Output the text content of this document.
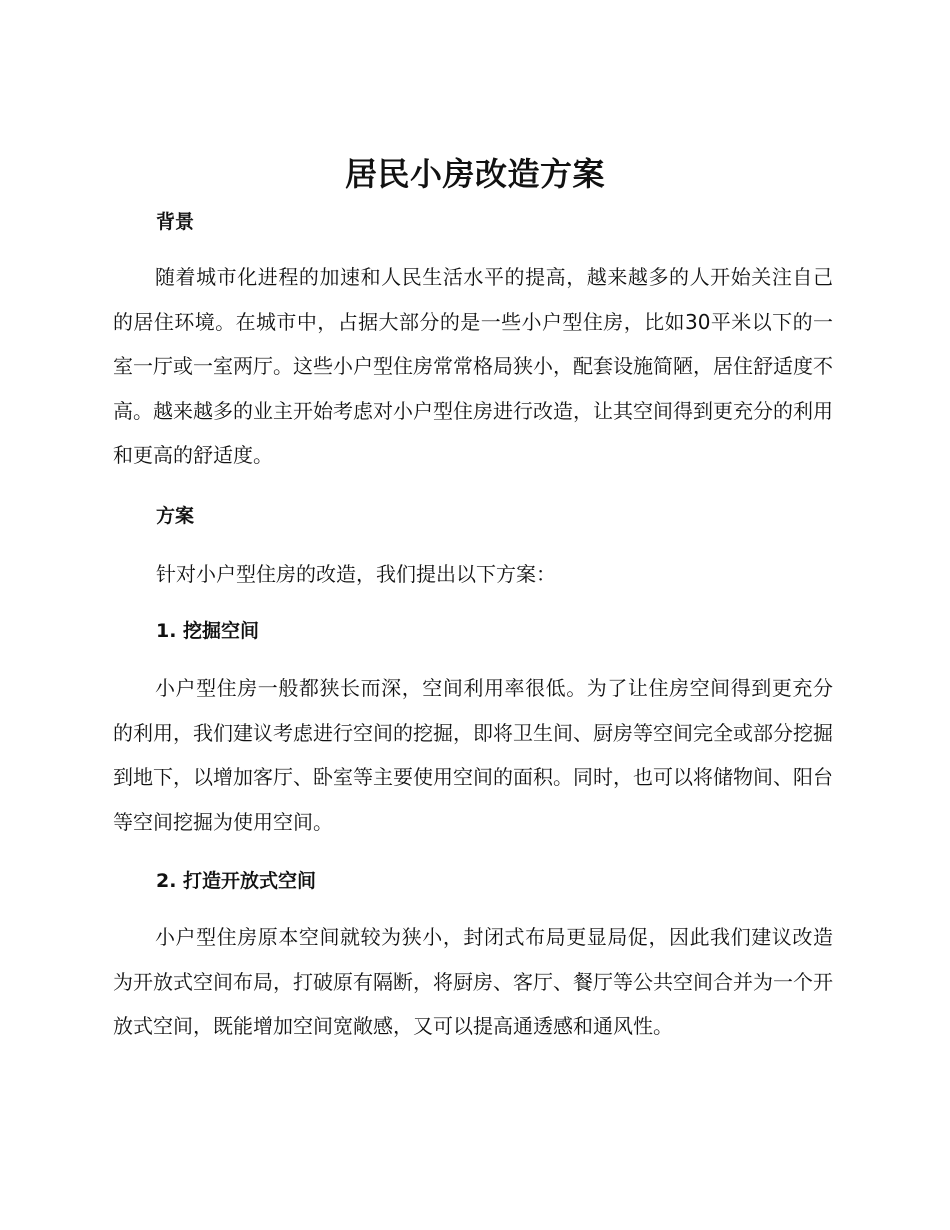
居民小房改造方案
背景

随着城市化进程的加速和人民生活水平的提高，越来越多的人开始关注自己的居住环境。在城市中，占据大部分的是一些小户型住房，比如30平米以下的一室一厅或一室两厅。这些小户型住房常常格局狭小，配套设施简陋，居住舒适度不高。越来越多的业主开始考虑对小户型住房进行改造，让其空间得到更充分的利用和更高的舒适度。

方案

针对小户型住房的改造，我们提出以下方案：

1. 挖掘空间

小户型住房一般都狭长而深，空间利用率很低。为了让住房空间得到更充分的利用，我们建议考虑进行空间的挖掘，即将卫生间、厨房等空间完全或部分挖掘到地下，以增加客厅、卧室等主要使用空间的面积。同时，也可以将储物间、阳台等空间挖掘为使用空间。

2. 打造开放式空间

小户型住房原本空间就较为狭小，封闭式布局更显局促，因此我们建议改造为开放式空间布局，打破原有隔断，将厨房、客厅、餐厅等公共空间合并为一个开放式空间，既能增加空间宽敞感，又可以提高通透感和通风性。
